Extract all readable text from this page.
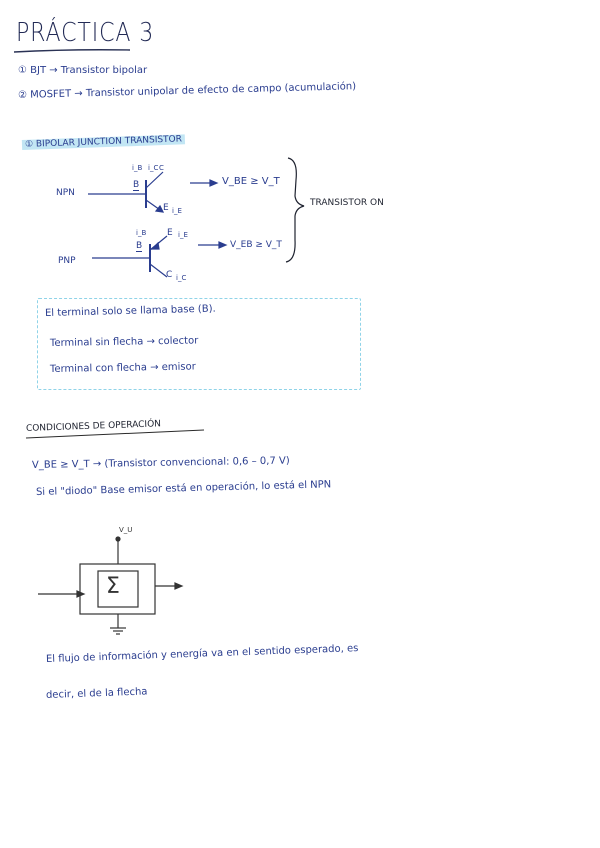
PRÁCTICA 3
① BJT → Transistor bipolar
② MOSFET → Transistor unipolar de efecto de campo (acumulación)
① BIPOLAR JUNCTION TRANSISTOR
NPN
i_B C
i_C
B
E i_E
V_BE ≥ V_T
PNP
i_B
B
E i_E
C i_C
V_EB ≥ V_T
TRANSISTOR ON
El terminal solo se llama base (B).
Terminal sin flecha → colector
Terminal con flecha → emisor
CONDICIONES DE OPERACIÓN
V_BE ≥ V_T → (Transistor convencional: 0,6 – 0,7 V)
Si el "diodo" Base emisor está en operación, lo está el NPN
Σ
V_U
El flujo de información y energía va en el sentido esperado, es
decir, el de la flecha
